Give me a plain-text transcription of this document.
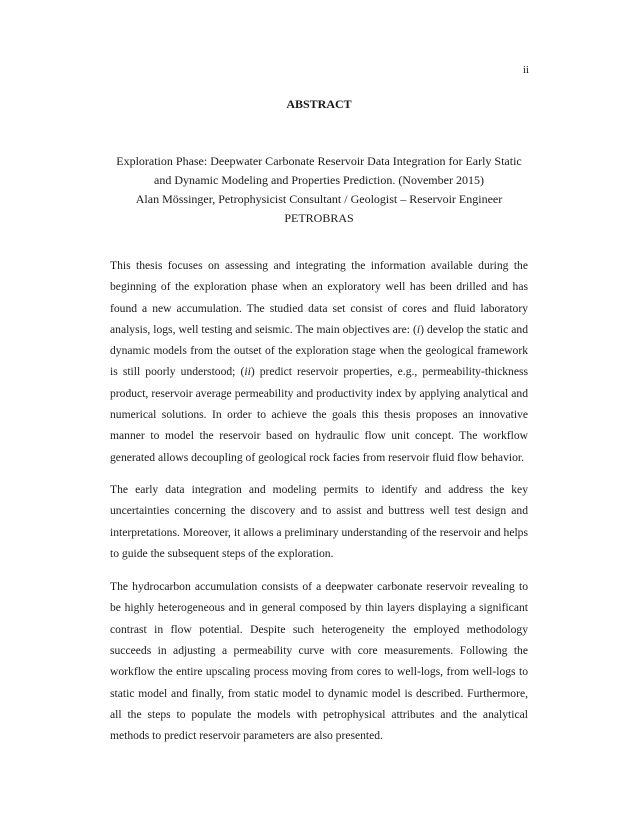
ii
ABSTRACT
Exploration Phase: Deepwater Carbonate Reservoir Data Integration for Early Static
and Dynamic Modeling and Properties Prediction. (November 2015)
Alan Mössinger, Petrophysicist Consultant / Geologist – Reservoir Engineer
PETROBRAS

This thesis focuses on assessing and integrating the information available during the beginning of the exploration phase when an exploratory well has been drilled and has found a new accumulation. The studied data set consist of cores and fluid laboratory analysis, logs, well testing and seismic. The main objectives are: (i) develop the static and dynamic models from the outset of the exploration stage when the geological framework is still poorly understood; (ii) predict reservoir properties, e.g., permeability-thickness product, reservoir average permeability and productivity index by applying analytical and numerical solutions. In order to achieve the goals this thesis proposes an innovative manner to model the reservoir based on hydraulic flow unit concept. The workflow generated allows decoupling of geological rock facies from reservoir fluid flow behavior.

The early data integration and modeling permits to identify and address the key uncertainties concerning the discovery and to assist and buttress well test design and interpretations. Moreover, it allows a preliminary understanding of the reservoir and helps to guide the subsequent steps of the exploration.

The hydrocarbon accumulation consists of a deepwater carbonate reservoir revealing to be highly heterogeneous and in general composed by thin layers displaying a significant contrast in flow potential. Despite such heterogeneity the employed methodology succeeds in adjusting a permeability curve with core measurements. Following the workflow the entire upscaling process moving from cores to well-logs, from well-logs to static model and finally, from static model to dynamic model is described. Furthermore, all the steps to populate the models with petrophysical attributes and the analytical methods to predict reservoir parameters are also presented.
